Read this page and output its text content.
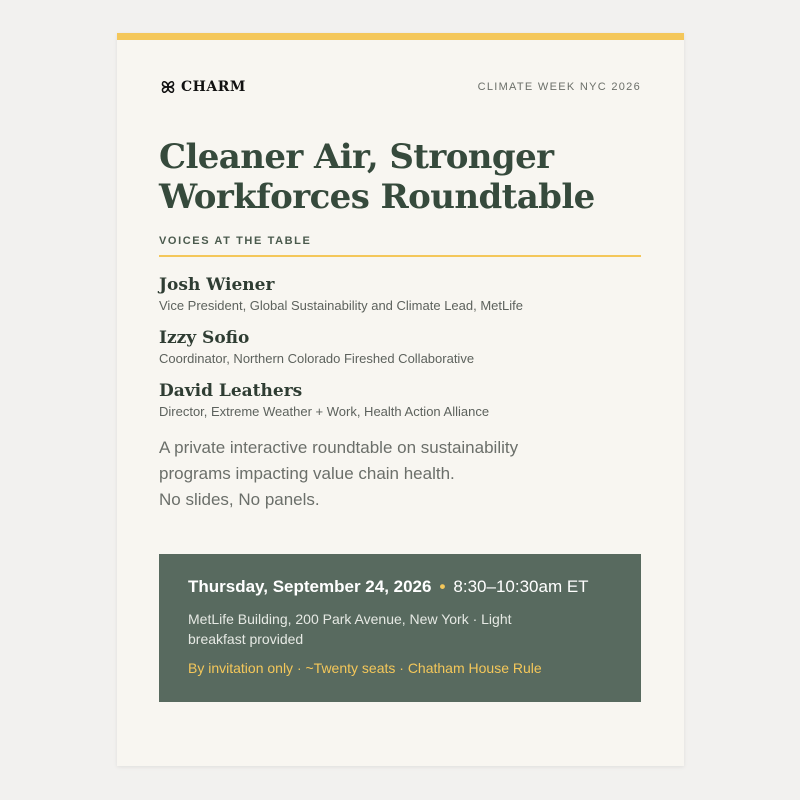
CHARM	CLIMATE WEEK NYC 2026
Cleaner Air, Stronger
Workforces Roundtable
VOICES AT THE TABLE
Josh Wiener
Vice President, Global Sustainability and Climate Lead, MetLife
Izzy Sofio
Coordinator, Northern Colorado Fireshed Collaborative
David Leathers
Director, Extreme Weather + Work, Health Action Alliance
A private interactive roundtable on sustainability
programs impacting value chain health.
No slides, No panels.
Thursday, September 24, 2026 • 8:30–10:30am ET
MetLife Building, 200 Park Avenue, New York · Light breakfast provided
By invitation only · ~Twenty seats · Chatham House Rule
